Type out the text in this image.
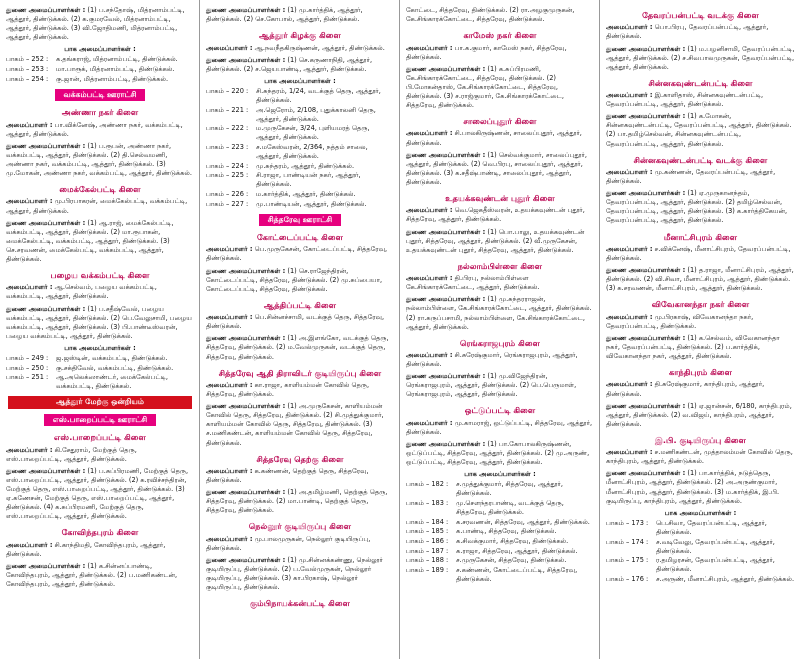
துணை அமைப்பாளர்கள் : (1) ப.சந்தோஷ், மித்ரனாம்பட்டி, ஆத்தூர், திண்டுக்கல். (2) க.குமரவேல், மித்ரனாம்பட்டி, ஆத்தூர், திண்டுக்கல். (3) வி.ஜோதிமணி, மித்ரனாம்பட்டி, ஆத்தூர், திண்டுக்கல்.
பாக அமைப்பாளர்கள் :
பாகம் – 252 :	க.தங்கராஜ், மித்ரனாம்பட்டி, திண்டுக்கல்.
பாகம் – 253 :	மா.பாரூக், மித்ரனாம்பட்டி, திண்டுக்கல்.
பாகம் – 254 :	கு.ஜான், மித்ரனாம்பட்டி, திண்டுக்கல்.
வக்கம்பட்டி ஊராட்சி
அண்ணா நகர் கிளை
அமைப்பாளர் : பா.விக்னேஷ், அண்ணா நகர், வக்கம்பட்டி, ஆத்தூர், திண்டுக்கல்.
துணை அமைப்பாளர்கள் : (1) ப.ரூபன், அண்ணா நகர், வக்கம்பட்டி, ஆத்தூர், திண்டுக்கல். (2) தி.செல்வமணி, அண்ணா நகர், வக்கம்பட்டி, ஆத்தூர், திண்டுக்கல். (3) மு.மோகன், அண்ணா நகர், வக்கம்பட்டி, ஆத்தூர், திண்டுக்கல்.
மைக்கேல்பட்டி கிளை
அமைப்பாளர் : மு.பிரபாகரன், மைக்கேல்பட்டி, வக்கம்பட்டி, ஆத்தூர், திண்டுக்கல்.
துணை அமைப்பாளர்கள் : (1) ஆ.ராஜ், மைக்கேல்பட்டி, வக்கம்பட்டி, ஆத்தூர், திண்டுக்கல். (2) மா.ரூபாகன், மைக்கேல்பட்டி, வக்கம்பட்டி, ஆத்தூர், திண்டுக்கல். (3) செ.சரவணன், மைக்கேல்பட்டி, வக்கம்பட்டி, ஆத்தூர், திண்டுக்கல்.
பழைய வக்கம்பட்டி கிளை
அமைப்பாளர் : ஆ.செல்வம், பழைய வக்கம்பட்டி, வக்கம்பட்டி, ஆத்தூர், திண்டுக்கல்.
துணை அமைப்பாளர்கள் : (1) ப.சதீஷ்வேல், பழைய வக்கம்பட்டி, ஆத்தூர், திண்டுக்கல். (2) பெ.வேலுசாமி, பழைய வக்கம்பட்டி, ஆத்தூர், திண்டுக்கல். (3) பி.பாண்டீஸ்வரன், பழைய வக்கம்பட்டி, ஆத்தூர், திண்டுக்கல்.
பாக அமைப்பாளர்கள் :
பாகம் – 249 :	ஜ.ஜஸ்டின், வக்கம்பட்டி, திண்டுக்கல்.
பாகம் – 250 :	கு.சக்திவேல், வக்கம்பட்டி, திண்டுக்கல்.
பாகம் – 251 :	ஆ.அலெக்ஸாண்டர், மைக்கேல்பட்டி, வக்கம்பட்டி, திண்டுக்கல்.
ஆத்தூர் மேற்கு ஒன்றியம்
எஸ்.பாறைப்பட்டி ஊராட்சி
எஸ்.பாறைப்பட்டி கிளை
அமைப்பாளர் : கி.சேதுராம், மேற்குத் தெரு, எஸ்.பாறைப்பட்டி, ஆத்தூர், திண்டுக்கல்.
துணை அமைப்பாளர்கள் : (1) ப.சுப்பிரமணி, மேற்குத் தெரு, எஸ்.பாறைப்பட்டி, ஆத்தூர், திண்டுக்கல். (2) க.ரவிச்சந்திரன், மேற்குத் தெரு, எஸ்.பாறைப்பட்டி, ஆத்தூர், திண்டுக்கல். (3) ஏ.கணேசன், மேற்குத் தெரு, எஸ்.பாறைப்பட்டி, ஆத்தூர், திண்டுக்கல். (4) க.சுப்பிரமணி, மேற்குத் தெரு, எஸ்.பாறைப்பட்டி, ஆத்தூர், திண்டுக்கல்.
கோவிந்தபுரம் கிளை
அமைப்பாளர் : சி.காந்திமதி, கோவிந்தபுரம், ஆத்தூர், திண்டுக்கல்.
துணை அமைப்பாளர்கள் : (1) க.சின்னப்பாண்டி, கோவிந்தபுரம், ஆத்தூர், திண்டுக்கல். (2) ப.மணிகண்டன், கோவிந்தபுரம், ஆத்தூர், திண்டுக்கல்.
துணை அமைப்பாளர்கள் : (1) மு.கார்த்திக், ஆத்தூர், திண்டுக்கல். (2) செ.கோபால், ஆத்தூர், திண்டுக்கல்.
ஆத்தூர் கிழக்கு கிளை
அமைப்பாளர் : ஆ.நவநீதகிருஷ்ணன், ஆத்தூர், திண்டுக்கல்.
துணை அமைப்பாளர்கள் : (1) செ.கருணாநிதி, ஆத்தூர், திண்டுக்கல். (2) ச.ஜெயபாண்டி, ஆத்தூர், திண்டுக்கல்.
பாக அமைப்பாளர்கள் :
பாகம் – 220 :	சி.சுந்தரம், 1/24, வடக்குத் தெரு, ஆத்தூர், திண்டுக்கல்.
பாகம் – 221 :	அ.ஜெரோம், 2/108, புதுக்காலனி தெரு, ஆத்தூர், திண்டுக்கல்.
பாகம் – 222 :	ம.முருகேசன், 3/24, புளியமரத் தெரு, ஆத்தூர், திண்டுக்கல்.
பாகம் – 223 :	ச.மகேஸ்வரன், 2/364, நத்தம் சாலை, ஆத்தூர், திண்டுக்கல்.
பாகம் – 224 :	மு.சுந்தரம், ஆத்தூர், திண்டுக்கல்.
பாகம் – 225 :	சி.ராஜா, பாண்டியன் நகர், ஆத்தூர், திண்டுக்கல்.
பாகம் – 226 :	ம.கார்த்திக், ஆத்தூர், திண்டுக்கல்.
பாகம் – 227 :	மு.பாண்டியன், ஆத்தூர், திண்டுக்கல்.
சித்தரேவு ஊராட்சி
கோட்டைப்பட்டி கிளை
அமைப்பாளர் : பெ.முருகேசன், கோட்டைப்பட்டி, சித்தரேவு, திண்டுக்கல்.
துணை அமைப்பாளர்கள் : (1) செ.ராஜேந்திரன், கோட்டைப்பட்டி, சித்தரேவு, திண்டுக்கல். (2) மு.சுப்பையா, கோட்டைப்பட்டி, சித்தரேவு, திண்டுக்கல்.
ஆத்திப்பட்டி கிளை
அமைப்பாளர் : பெ.சின்னச்சாமி, வடக்குத் தெரு, சித்தரேவு, திண்டுக்கல்.
துணை அமைப்பாளர்கள் : (1) அ.இளங்கோ, வடக்குத் தெரு, சித்தரேவு, திண்டுக்கல். (2) ம.வேல்முருகன், வடக்குத் தெரு, சித்தரேவு, திண்டுக்கல்.
சித்தரேவு ஆதி திராவிடர் குடியிருப்பு கிளை
அமைப்பாளர் : கா.ராஜா, காளியம்மன் கோவில் தெரு, சித்தரேவு, திண்டுக்கல்.
துணை அமைப்பாளர்கள் : (1) அ.முருகேசன், காளியம்மன் கோவில் தெரு, சித்தரேவு, திண்டுக்கல். (2) சி.முத்துக்குமார், காளியம்மன் கோவில் தெரு, சித்தரேவு, திண்டுக்கல். (3) ச.மணிகண்டன், காளியம்மன் கோவில் தெரு, சித்தரேவு, திண்டுக்கல்.
சித்தரேவு தெற்கு கிளை
அமைப்பாளர் : க.கண்ணன், தெற்குத் தெரு, சித்தரேவு, திண்டுக்கல்.
துணை அமைப்பாளர்கள் : (1) அ.தமிழ்மணி, தெற்குத் தெரு, சித்தரேவு, திண்டுக்கல். (2) மா.பாண்டி, தெற்குத் தெரு, சித்தரேவு, திண்டுக்கல்.
நெல்லூர் குடியிருப்பு கிளை
அமைப்பாளர் : மு.பாலமுருகன், நெல்லூர் குடியிருப்பு, திண்டுக்கல்.
துணை அமைப்பாளர்கள் : (1) மு.சின்னக்கண்ணு, நெல்லூர் குடியிருப்பு, திண்டுக்கல். (2) ப.வேல்முருகன், நெல்லூர் குடியிருப்பு, திண்டுக்கல். (3) கா.பிரகாஷ், நெல்லூர் குடியிருப்பு, திண்டுக்கல்.
கும்பிநாயக்கன்பட்டி கிளை
கோட்டை, சித்தரேவு, திண்டுக்கல். (2) ரா.அழகுமுருகன், கே.சிங்காரக்கோட்டை, சித்தரேவு, திண்டுக்கல்.
காமேஸ் நகர் கிளை
அமைப்பாளர் : பா.க.குமார், காமேஸ் நகர், சித்தரேவு, திண்டுக்கல்.
துணை அமைப்பாளர்கள் : (1) க.சுப்பிரமணி, கே.சிங்காரக்கோட்டை, சித்தரேவு, திண்டுக்கல். (2) பி.மோகன்தாஸ், கே.சிங்காரக்கோட்டை, சித்தரேவு, திண்டுக்கல். (3) ச.ராஜ்குமார், கே.சிங்காரக்கோட்டை, சித்தரேவு, திண்டுக்கல்.
சாலைப்புதூர் கிளை
அமைப்பாளர் : சி.பாலகிருஷ்ணன், சாலைப்புதூர், ஆத்தூர், திண்டுக்கல்.
துணை அமைப்பாளர்கள் : (1) செல்வக்குமார், சாலைப்புதூர், ஆத்தூர், திண்டுக்கல். (2) வெ.பிரபு, சாலைப்புதூர், ஆத்தூர், திண்டுக்கல். (3) க.சதீஷ்பாண்டி, சாலைப்புதூர், ஆத்தூர், திண்டுக்கல்.
உதயக்கவுண்டன் புதூர் கிளை
அமைப்பாளர் : வெ.ஜெகதீஸ்வரன், உதயக்கவுண்டன் புதூர், சித்தரேவு, ஆத்தூர், திண்டுக்கல்.
துணை அமைப்பாளர்கள் : (1) பொ.பாலு, உதயக்கவுண்டன் புதூர், சித்தரேவு, ஆத்தூர், திண்டுக்கல். (2) வீ.முருகேசன், உதயக்கவுண்டன் புதூர், சித்தரேவு, ஆத்தூர், திண்டுக்கல்.
நல்லாம்பிள்ளை கிளை
அமைப்பாளர் : தி.பிரபு, நல்லாம்பிள்ளை கே.சிங்காரக்கோட்டை, ஆத்தூர், திண்டுக்கல்.
துணை அமைப்பாளர்கள் : (1) மு.சுந்தரராஜன், நல்லாம்பிள்ளை, கே.சிங்காரக்கோட்டை, ஆத்தூர், திண்டுக்கல். (2) ரா.கருப்பசாமி, நல்லாம்பிள்ளை, கே.சிங்காரக்கோட்டை, ஆத்தூர், திண்டுக்கல்.
ரெங்கராஜபுரம் கிளை
அமைப்பாளர் : சி.சுரேஷ்குமார், ரெங்கராஜபுரம், ஆத்தூர், திண்டுக்கல்.
துணை அமைப்பாளர்கள் : (1) மு.விஜேந்திரன், ரெங்கராஜபுரம், ஆத்தூர், திண்டுக்கல். (2) பெ.பெருமாள், ரெங்கராஜபுரம், ஆத்தூர், திண்டுக்கல்.
ஒட்டுப்பட்டி கிளை
அமைப்பாளர் : மு.காமராஜ், ஒட்டுப்பட்டி, சித்தரேவு, ஆத்தூர், திண்டுக்கல்.
துணை அமைப்பாளர்கள் : (1) பா.கோபாலகிருஷ்ணன், ஒட்டுப்பட்டி, சித்தரேவு, ஆத்தூர், திண்டுக்கல். (2) மு.அருண், ஒட்டுப்பட்டி, சித்தரேவு, ஆத்தூர், திண்டுக்கல்.
பாக அமைப்பாளர்கள் :
பாகம் – 182 :	ச.முத்துக்குமார், சித்தரேவு, ஆத்தூர், திண்டுக்கல்.
பாகம் – 183 :	மு.சௌந்தரபாண்டி, வடக்குத் தெரு, சித்தரேவு, திண்டுக்கல்.
பாகம் – 184 :	க.சரவணன், சித்தரேவு, ஆத்தூர், திண்டுக்கல்.
பாகம் – 185 :	க.பாண்டி, சித்தரேவு, திண்டுக்கல்.
பாகம் – 186 :	க.சிவக்குமார், சித்தரேவு, திண்டுக்கல்.
பாகம் – 187 :	க.ராஜா, சித்தரேவு, ஆத்தூர், திண்டுக்கல்.
பாகம் – 188 :	ச.முருகேசன், சித்தரேவு, திண்டுக்கல்.
பாகம் – 189 :	ச.கண்ணன், கோட்டைப்பட்டி, சித்தரேவு, திண்டுக்கல்.
தேவரப்பன்பட்டி வடக்கு கிளை
அமைப்பாளர் : பொ.பிரபு, தேவரப்பன்பட்டி, ஆத்தூர், திண்டுக்கல்.
துணை அமைப்பாளர்கள் : (1) ம.பழனிசாமி, தேவரப்பன்பட்டி, ஆத்தூர், திண்டுக்கல். (2) ச.சிவபாலமுருகன், தேவரப்பன்பட்டி, ஆத்தூர், திண்டுக்கல்.
சின்னகவுண்டன்பட்டி கிளை
அமைப்பாளர் : இ.காளிதாஸ், சின்னகவுண்டன்பட்டி, தேவரப்பன்பட்டி, ஆத்தூர், திண்டுக்கல்.
துணை அமைப்பாளர்கள் : (1) க.மோகன், சின்னகவுண்டன்பட்டி, தேவரப்பன்பட்டி, ஆத்தூர், திண்டுக்கல். (2) பா.தமிழ்செல்வன், சின்னகவுண்டன்பட்டி, தேவரப்பன்பட்டி, ஆத்தூர், திண்டுக்கல்.
சின்னகவுண்டன்பட்டி வடக்கு கிளை
அமைப்பாளர் : மு.கண்ணன், தேவரப்பன்பட்டி, ஆத்தூர், திண்டுக்கல்.
துணை அமைப்பாளர்கள் : (1) ஏ.முருகானந்தம், தேவரப்பன்பட்டி, ஆத்தூர், திண்டுக்கல். (2) தமிழ்செல்வன், தேவரப்பன்பட்டி, ஆத்தூர், திண்டுக்கல். (3) க.கார்த்திகேயன், தேவரப்பன்பட்டி, ஆத்தூர், திண்டுக்கல்.
மீனாட்சிபுரம் கிளை
அமைப்பாளர் : ச.விக்னேஷ், மீனாட்சிபுரம், தேவரப்பன்பட்டி, திண்டுக்கல்.
துணை அமைப்பாளர்கள் : (1) த.ராஜா, மீனாட்சிபுரம், ஆத்தூர், திண்டுக்கல். (2) வி.சிவா, மீனாட்சிபுரம், ஆத்தூர், திண்டுக்கல். (3) க.சரவணன், மீனாட்சிபுரம், ஆத்தூர், திண்டுக்கல்.
விவேகானந்தா நகர் கிளை
அமைப்பாளர் : மு.பிரகாஷ், விவேகானந்தா நகர், தேவரப்பன்பட்டி, திண்டுக்கல்.
துணை அமைப்பாளர்கள் : (1) க.செல்வம், விவேகானந்தா நகர், தேவரப்பன்பட்டி, திண்டுக்கல். (2) ப.கார்த்திக், விவேகானந்தா நகர், ஆத்தூர், திண்டுக்கல்.
காந்திபுரம் கிளை
அமைப்பாளர் : தி.சுரேஷ்குமார், காந்திபுரம், ஆத்தூர், திண்டுக்கல்.
துணை அமைப்பாளர்கள் : (1) ஏ.ஜான்சன், 6/180, காந்திபுரம், ஆத்தூர், திண்டுக்கல். (2) வ.விஜய், காந்திபுரம், ஆத்தூர், திண்டுக்கல்.
இ.பி. குடியிருப்பு கிளை
அமைப்பாளர் : ச.மணிகண்டன், முத்தாலம்மன் கோவில் தெரு, காந்திபுரம், ஆத்தூர், திண்டுக்கல்.
துணை அமைப்பாளர்கள் : (1) பா.கார்த்திக், நடுத்தெரு, மீனாட்சிபுரம், ஆத்தூர், திண்டுக்கல். (2) அ.அருண்குமார், மீனாட்சிபுரம், ஆத்தூர், திண்டுக்கல். (3) ம.கார்த்திக், இ.பி. குடியிருப்பு, காந்திபுரம், ஆத்தூர், திண்டுக்கல்.
பாக அமைப்பாளர்கள் :
பாகம் – 173 :	பெ.சிவா, தேவரப்பன்பட்டி, ஆத்தூர், திண்டுக்கல்.
பாகம் – 174 :	ச.வடிவேலு, தேவரப்பன்பட்டி, ஆத்தூர், திண்டுக்கல்.
பாகம் – 175 :	ர.தமிழரசன், தேவரப்பன்பட்டி, ஆத்தூர், திண்டுக்கல்.
பாகம் – 176 :	ச.அருண், மீனாட்சிபுரம், ஆத்தூர், திண்டுக்கல்.
